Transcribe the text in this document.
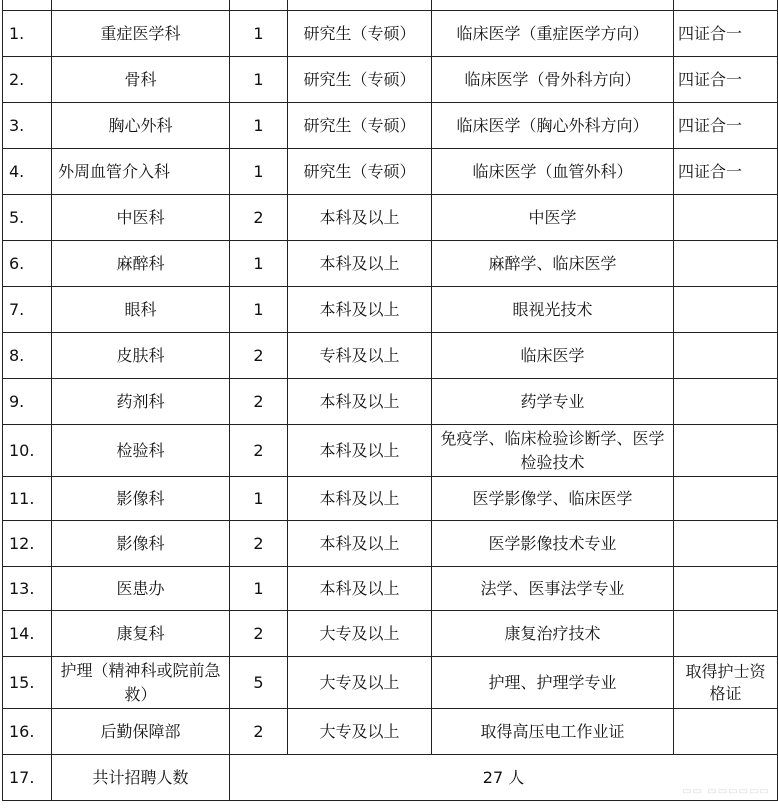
1.	重症医学科	1	研究生（专硕）	临床医学（重症医学方向）	四证合一
2.	骨科	1	研究生（专硕）	临床医学（骨外科方向）	四证合一
3.	胸心外科	1	研究生（专硕）	临床医学（胸心外科方向）	四证合一
4.	外周血管介入科	1	研究生（专硕）	临床医学（血管外科）	四证合一
5.	中医科	2	本科及以上	中医学	
6.	麻醉科	1	本科及以上	麻醉学、临床医学	
7.	眼科	1	本科及以上	眼视光技术	
8.	皮肤科	2	专科及以上	临床医学	
9.	药剂科	2	本科及以上	药学专业	
10.	检验科	2	本科及以上	免疫学、临床检验诊断学、医学检验技术	
11.	影像科	1	本科及以上	医学影像学、临床医学	
12.	影像科	2	本科及以上	医学影像技术专业	
13.	医患办	1	本科及以上	法学、医事法学专业	
14.	康复科	2	大专及以上	康复治疗技术	
15.	护理（精神科或院前急救）	5	大专及以上	护理、护理学专业	取得护士资格证
16.	后勤保障部	2	大专及以上	取得高压电工作业证	
17.	共计招聘人数	27 人			
▭▭ ▭▭▭▭▭▭
